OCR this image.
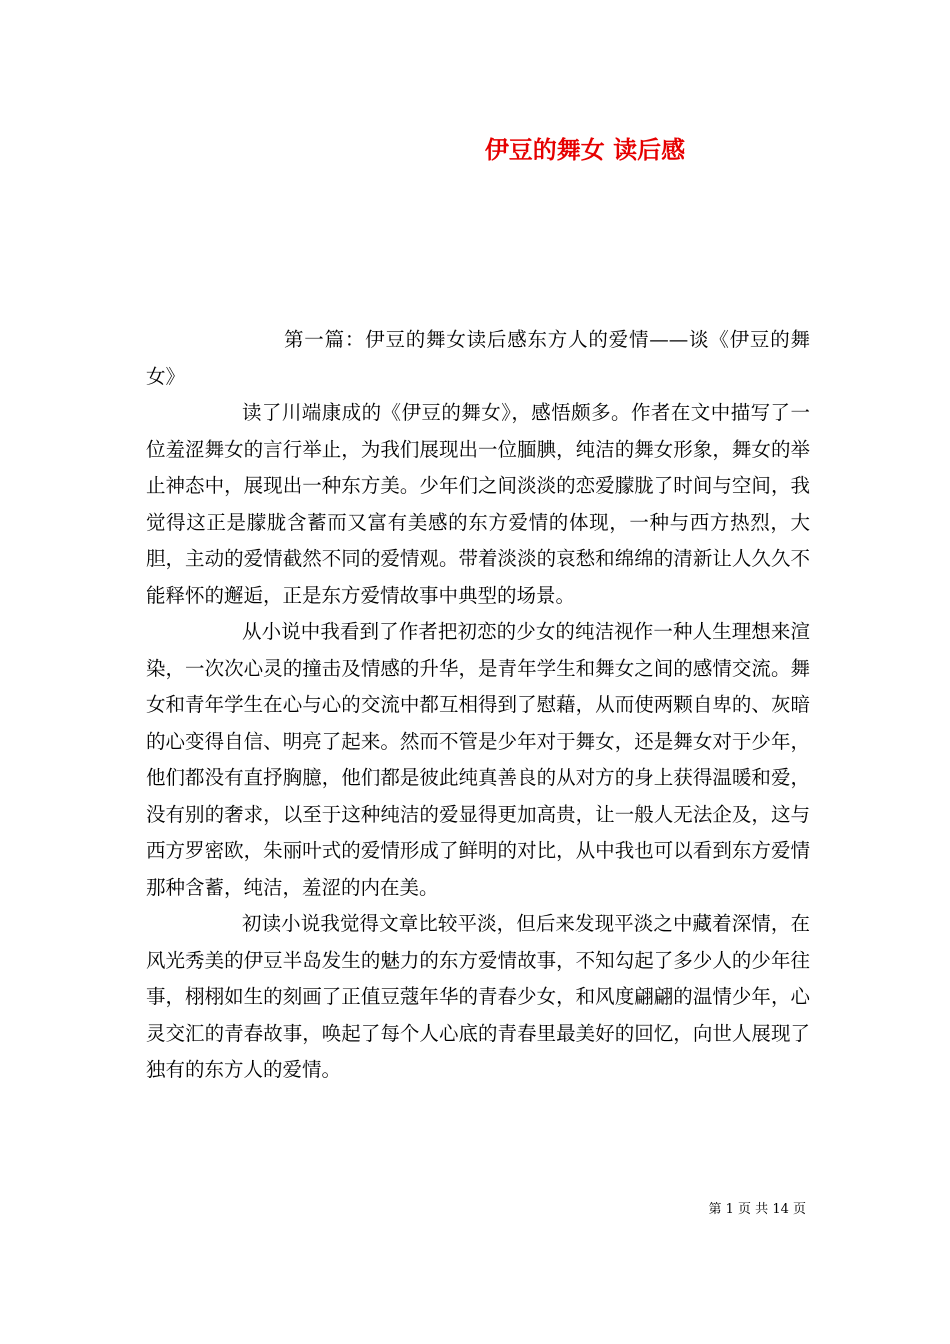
伊豆的舞女 读后感

第一篇：伊豆的舞女读后感东方人的爱情——谈《伊豆的舞女》

读了川端康成的《伊豆的舞女》，感悟颇多。作者在文中描写了一位羞涩舞女的言行举止，为我们展现出一位腼腆，纯洁的舞女形象，舞女的举止神态中，展现出一种东方美。少年们之间淡淡的恋爱朦胧了时间与空间，我觉得这正是朦胧含蓄而又富有美感的东方爱情的体现，一种与西方热烈，大胆，主动的爱情截然不同的爱情观。带着淡淡的哀愁和绵绵的清新让人久久不能释怀的邂逅，正是东方爱情故事中典型的场景。

从小说中我看到了作者把初恋的少女的纯洁视作一种人生理想来渲染，一次次心灵的撞击及情感的升华，是青年学生和舞女之间的感情交流。舞女和青年学生在心与心的交流中都互相得到了慰藉，从而使两颗自卑的、灰暗的心变得自信、明亮了起来。然而不管是少年对于舞女，还是舞女对于少年，他们都没有直抒胸臆，他们都是彼此纯真善良的从对方的身上获得温暖和爱，没有别的奢求，以至于这种纯洁的爱显得更加高贵，让一般人无法企及，这与西方罗密欧，朱丽叶式的爱情形成了鲜明的对比，从中我也可以看到东方爱情那种含蓄，纯洁，羞涩的内在美。

初读小说我觉得文章比较平淡，但后来发现平淡之中藏着深情，在风光秀美的伊豆半岛发生的魅力的东方爱情故事，不知勾起了多少人的少年往事，栩栩如生的刻画了正值豆蔻年华的青春少女，和风度翩翩的温情少年，心灵交汇的青春故事，唤起了每个人心底的青春里最美好的回忆，向世人展现了独有的东方人的爱情。

第 1 页 共 14 页
